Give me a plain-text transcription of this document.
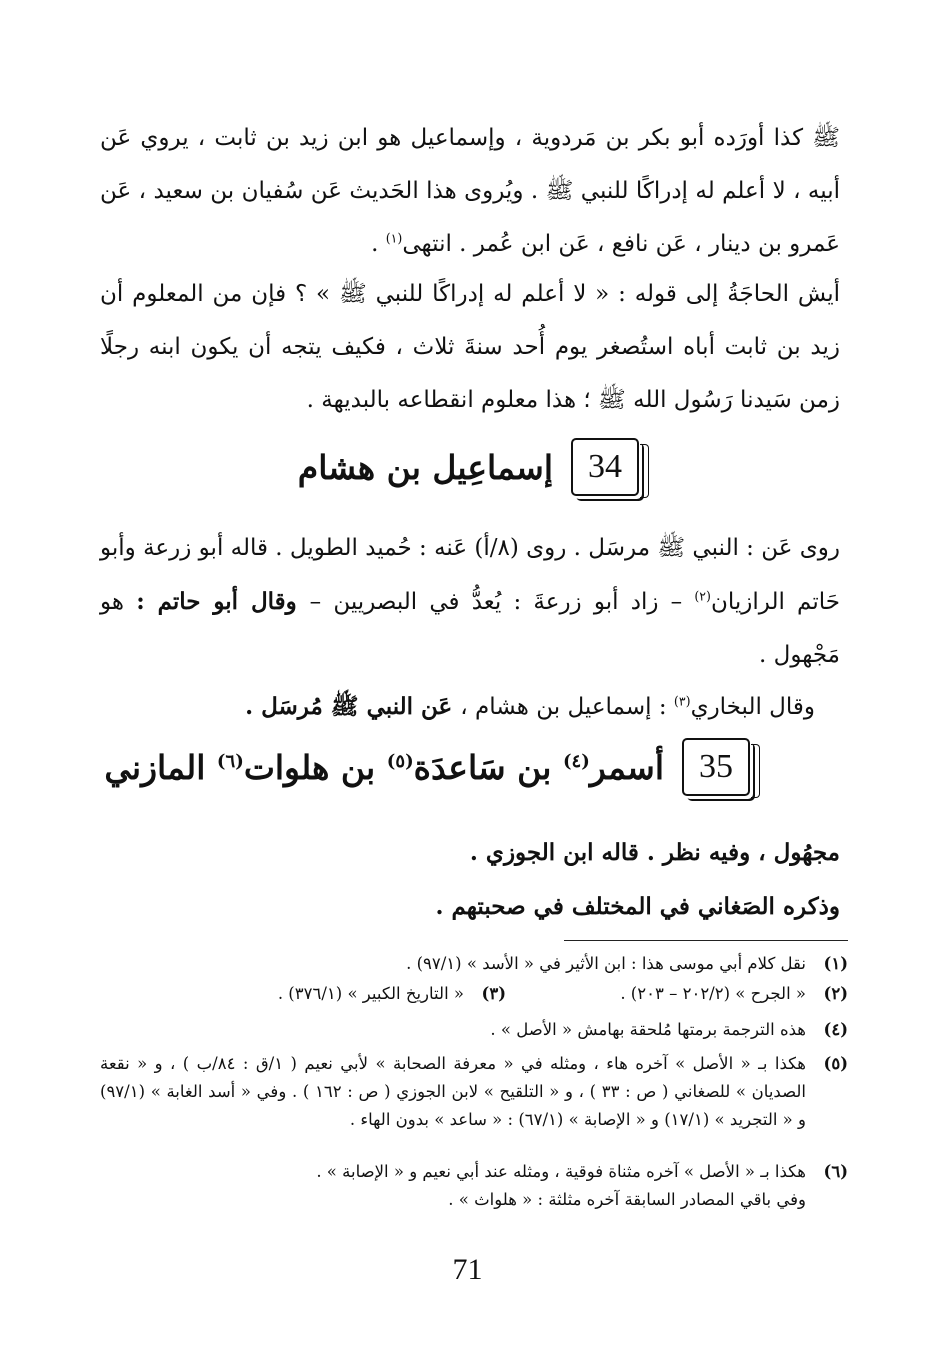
ﷺ كذا أورَده أبو بكر بن مَردوية ، وإسماعيل هو ابن زيد بن ثابت ، يروي عَن أبيه ، لا أعلم له إدراكًا للنبي ﷺ . ويُروى هذا الحَديث عَن سُفيان بن سعيد ، عَن عَمرو بن دينار ، عَن نافع ، عَن ابن عُمر . انتهى$^{(١)}$ .
أيش الحاجَةُ إلى قوله : « لا أعلم له إدراكًا للنبي ﷺ » ؟ فإن من المعلوم أن زيد بن ثابت أباه استُصغر يوم أُحد سنةَ ثلاث ، فكيف يتجه أن يكون ابنه رجلًا زمن سَيدنا رَسُول الله ﷺ ؛ هذا معلوم انقطاعه بالبديهة .
34
إسماعِيل بن هشام
روى عَن : النبي ﷺ مرسَل . روى (٨/أ) عَنه : حُميد الطويل . قاله أبو زرعة وأبو حَاتم الرازيان$^{(٢)}$ – زاد أبو زرعةَ : يُعدُّ في البصريين – وقال أبو حاتم : هو مَجْهول .
وقال البخاري$^{(٣)}$ : إسماعيل بن هشام ، عَن النبي ﷺ مُرسَل .
35
أسمر$^{(٤)}$ بن سَاعدَة$^{(٥)}$ بن هلوات$^{(٦)}$ المازني
مجهُول ، وفيه نظر . قاله ابن الجوزي .
وذكره الصَغاني في المختلف في صحبتهم .
(١)
نقل كلام أبي موسى هذا : ابن الأثير في « الأسد » (٩٧/١) .
(٢)
« الجرح » (٢٠٢/٢ – ٢٠٣) .
(٣)
« التاريخ الكبير » (٣٧٦/١) .
(٤)
هذه الترجمة برمتها مُلحقة بهامش « الأصل » .
(٥)
هكذا بـ « الأصل » آخره هاء ، ومثله في « معرفة الصحابة » لأبي نعيم ( ١/ق : ٨٤/ب ) ، و « نقعة الصديان » للصغاني ( ص : ٣٣ ) ، و « التلقيح » لابن الجوزي ( ص : ١٦٢ ) . وفي « أسد الغابة » (٩٧/١) و « التجريد » (١٧/١) و « الإصابة » (٦٧/١) : « ساعد » بدون الهاء .
(٦)
هكذا بـ « الأصل » آخره مثناة فوقية ، ومثله عند أبي نعيم و « الإصابة » .
وفي باقي المصادر السابقة آخره مثلثة : « هلواث » .
71
